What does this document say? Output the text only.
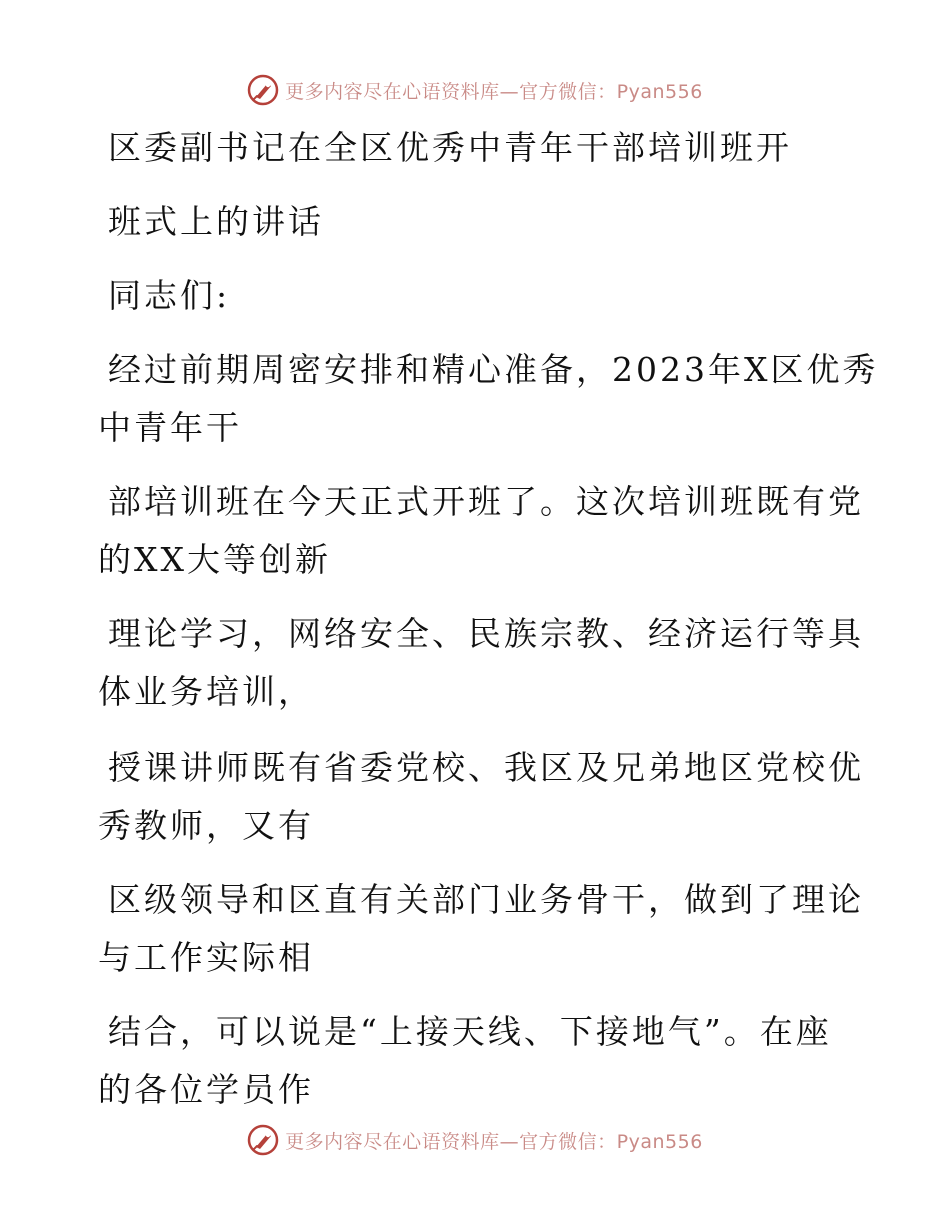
更多内容尽在心语资料库—官方微信：Pyan556
区委副书记在全区优秀中青年干部培训班开
班式上的讲话
同志们:
经过前期周密安排和精心准备，2023年X区优秀
中青年干
部培训班在今天正式开班了。这次培训班既有党
的XX大等创新
理论学习，网络安全、民族宗教、经济运行等具
体业务培训，
授课讲师既有省委党校、我区及兄弟地区党校优
秀教师，又有
区级领导和区直有关部门业务骨干，做到了理论
与工作实际相
结合，可以说是“上接天线、下接地气”。在座
的各位学员作
更多内容尽在心语资料库—官方微信：Pyan556
